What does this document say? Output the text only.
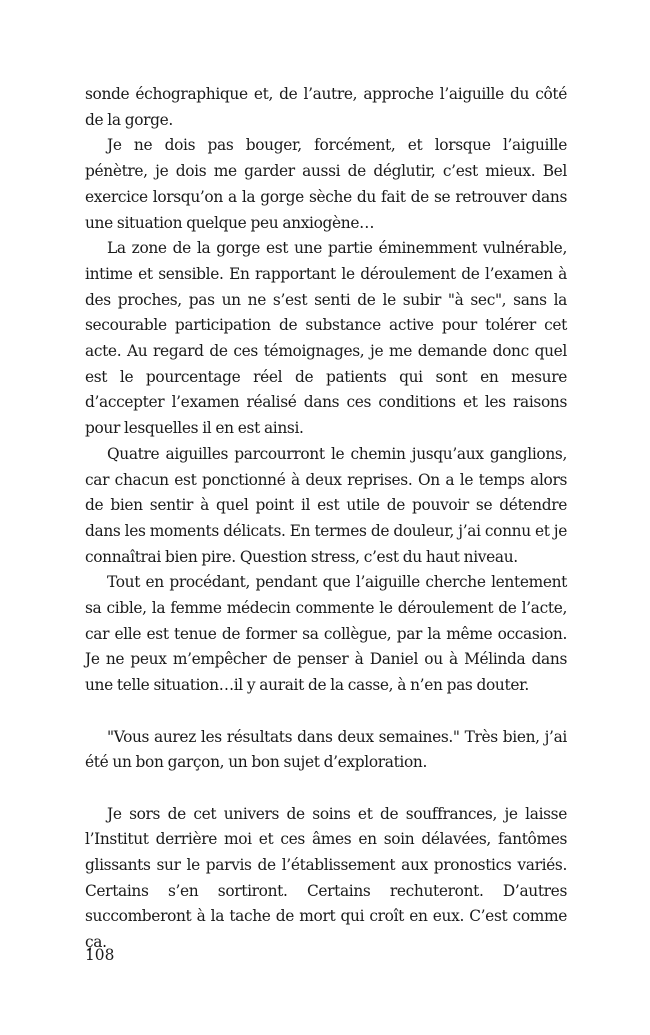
sonde échographique et, de l’autre, approche l’aiguille du côté de la gorge.

Je ne dois pas bouger, forcément, et lorsque l’aiguille pénètre, je dois me garder aussi de déglutir, c’est mieux. Bel exercice lorsqu’on a la gorge sèche du fait de se retrouver dans une situation quelque peu anxiogène…

La zone de la gorge est une partie éminemment vulnérable, intime et sensible. En rapportant le déroulement de l’examen à des proches, pas un ne s’est senti de le subir "à sec", sans la secourable participation de substance active pour tolérer cet acte. Au regard de ces témoignages, je me demande donc quel est le pourcentage réel de patients qui sont en mesure d’accepter l’examen réalisé dans ces conditions et les raisons pour lesquelles il en est ainsi.

Quatre aiguilles parcourront le chemin jusqu’aux ganglions, car chacun est ponctionné à deux reprises. On a le temps alors de bien sentir à quel point il est utile de pouvoir se détendre dans les moments délicats. En termes de douleur, j’ai connu et je connaîtrai bien pire. Question stress, c’est du haut niveau.

Tout en procédant, pendant que l’aiguille cherche lentement sa cible, la femme médecin commente le déroulement de l’acte, car elle est tenue de former sa collègue, par la même occasion. Je ne peux m’empêcher de penser à Daniel ou à Mélinda dans une telle situation…il y aurait de la casse, à n’en pas douter.

"Vous aurez les résultats dans deux semaines." Très bien, j’ai été un bon garçon, un bon sujet d’exploration.

Je sors de cet univers de soins et de souffrances, je laisse l’Institut derrière moi et ces âmes en soin délavées, fantômes glissants sur le parvis de l’établissement aux pronostics variés. Certains s’en sortiront. Certains rechuteront. D’autres succomberont à la tache de mort qui croît en eux. C’est comme ça.

108
